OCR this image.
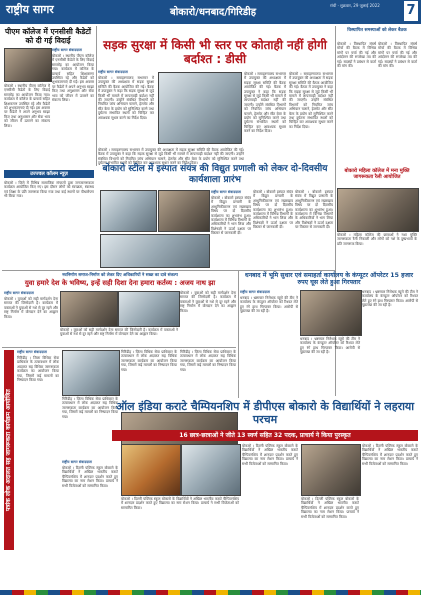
राष्ट्रीय सागर	बोकारो/धनबाद/गिरिडीह
रांची · शुक्रवार, 29 जुलाई 2022	7
पीएम कॉलेज में एनसीसी कैडेटों को दी गई विदाई
राष्ट्रीय सागर संवाददाता
बोकारो । स्थानीय पीएम कॉलेज में एनसीसी कैडेटों के लिए विदाई समारोह का आयोजन किया गया। कार्यक्रम में कॉलेज के प्राचार्य सहित शिक्षकगण उपस्थित रहे और कैडेटों को शुभकामनाएं दी गईं। इस अवसर पर कैडेटों ने अपने अनुभव साझा किए तथा अनुशासन और सेवा भाव को जीवन में उतारने का संकल्प लिया।
बोकारो । स्थानीय पीएम कॉलेज में एनसीसी कैडेटों के लिए विदाई समारोह का आयोजन किया गया। कार्यक्रम में कॉलेज के प्राचार्य सहित शिक्षकगण उपस्थित रहे और कैडेटों को शुभकामनाएं दी गईं। इस अवसर पर कैडेटों ने अपने अनुभव साझा किए तथा अनुशासन और सेवा भाव को जीवन में उतारने का संकल्प लिया।
सड़क सुरक्षा में किसी भी स्तर पर कोताही नहीं होगी बर्दाश्त : डीसी
राष्ट्रीय सागर संवाददाता
बोकारो । समाहरणालय सभागार में उपायुक्त की अध्यक्षता में सड़क सुरक्षा समिति की बैठक आयोजित की गई। बैठक में उपायुक्त ने कहा कि सड़क सुरक्षा से जुड़े किसी भी मामले में लापरवाही बर्दाश्त नहीं की जाएगी। उन्होंने संबंधित विभागों को नियमित जांच अभियान चलाने, हेलमेट और सीट बेल्ट के प्रयोग को सुनिश्चित करने तथा दुर्घटना संभावित स्थलों को चिन्हित कर आवश्यक सुधार करने का निर्देश दिया।
बोकारो । समाहरणालय सभागार में उपायुक्त की अध्यक्षता में सड़क सुरक्षा समिति की बैठक आयोजित की गई। बैठक में उपायुक्त ने कहा कि सड़क सुरक्षा से जुड़े किसी भी मामले में लापरवाही बर्दाश्त नहीं की जाएगी। उन्होंने संबंधित विभागों को नियमित जांच अभियान चलाने, हेलमेट और सीट बेल्ट के प्रयोग को सुनिश्चित करने तथा दुर्घटना संभावित स्थलों को चिन्हित कर आवश्यक सुधार करने का निर्देश दिया।
बोकारो । समाहरणालय सभागार में उपायुक्त की अध्यक्षता में सड़क सुरक्षा समिति की बैठक आयोजित की गई। बैठक में उपायुक्त ने कहा कि सड़क सुरक्षा से जुड़े किसी भी मामले में लापरवाही बर्दाश्त नहीं की जाएगी। उन्होंने संबंधित विभागों को नियमित जांच अभियान चलाने, हेलमेट और सीट बेल्ट के प्रयोग को सुनिश्चित करने तथा दुर्घटना संभावित स्थलों को चिन्हित कर आवश्यक सुधार करने का निर्देश दिया।
बोकारो । समाहरणालय सभागार में उपायुक्त की अध्यक्षता में सड़क सुरक्षा समिति की बैठक आयोजित की गई। बैठक में उपायुक्त ने कहा कि सड़क सुरक्षा से जुड़े किसी भी मामले में लापरवाही बर्दाश्त नहीं की जाएगी। उन्होंने संबंधित विभागों को नियमित जांच अभियान चलाने, हेलमेट और सीट बेल्ट के प्रयोग को सुनिश्चित करने तथा दुर्घटना संभावित स्थलों को चिन्हित कर आवश्यक सुधार करने का निर्देश दिया।
विस्थापित समस्याओं को लेकर बैठक
बोकारो । विस्थापित संघर्ष मोर्चा की बैठक में विभिन्न मांगों पर चर्चा की गई और आंदोलन की रूपरेखा तय की गई। सदस्यों ने प्रबंधन से वार्ता की मांग की।
बोकारो । विस्थापित संघर्ष मोर्चा की बैठक में विभिन्न मांगों पर चर्चा की गई और आंदोलन की रूपरेखा तय की गई। सदस्यों ने प्रबंधन से वार्ता की मांग की।
उज्ज्वल कॉलम न्यूज़
बोकारो । जिले में विभिन्न सामाजिक संगठनों द्वारा जनजागरूकता कार्यक्रम आयोजित किए गए। इस दौरान लोगों को स्वच्छता, स्वास्थ्य एवं शिक्षा के प्रति जागरूक किया गया तथा कई स्थानों पर पौधारोपण भी किया गया।
बोकारो स्टील में इस्पात संयंत्र की विद्युत प्रणाली को लेकर दो-दिवसीय कार्यशाला प्रारंभ
राष्ट्रीय सागर संवाददाता
बोकारो । बोकारो इस्पात संयंत्र में विद्युत प्रणाली के आधुनिकीकरण एवं रखरखाव विषय पर दो दिवसीय कार्यशाला का शुभारंभ हुआ। कार्यशाला में विभिन्न विभागों के अधिकारियों ने भाग लिया और विशेषज्ञों ने ऊर्जा दक्षता पर विस्तार से जानकारी दी।
बोकारो । बोकारो इस्पात संयंत्र में विद्युत प्रणाली के आधुनिकीकरण एवं रखरखाव विषय पर दो दिवसीय कार्यशाला का शुभारंभ हुआ। कार्यशाला में विभिन्न विभागों के अधिकारियों ने भाग लिया और विशेषज्ञों ने ऊर्जा दक्षता पर विस्तार से जानकारी दी।
बोकारो । बोकारो इस्पात संयंत्र में विद्युत प्रणाली के आधुनिकीकरण एवं रखरखाव विषय पर दो दिवसीय कार्यशाला का शुभारंभ हुआ। कार्यशाला में विभिन्न विभागों के अधिकारियों ने भाग लिया और विशेषज्ञों ने ऊर्जा दक्षता पर विस्तार से जानकारी दी।
बोकारो महिला कॉलेज में मना मुक्ति जागरूकता रैली आयोजित
बोकारो । महिला कॉलेज की छात्राओं ने नशा मुक्ति जागरूकता रैली निकाली और लोगों को नशे के दुष्प्रभावों के प्रति जागरूक किया।
नवनिर्माण समाज-निर्माण को लेकर दिए अधिकारियों ने सख्त का दावे संकल्प
युवा हमारे देश के भविष्य, इन्हें सही दिशा देना हमारा कर्तव्य : अजय नाथ झा
राष्ट्रीय सागर संवाददाता
बोकारो । युवाओं को सही मार्गदर्शन देना समाज की जिम्मेदारी है। कार्यक्रम में वक्ताओं ने युवाओं से नशे से दूर रहने और राष्ट्र निर्माण में योगदान देने का आह्वान किया।
बोकारो । युवाओं को सही मार्गदर्शन देना समाज की जिम्मेदारी है। कार्यक्रम में वक्ताओं ने युवाओं से नशे से दूर रहने और राष्ट्र निर्माण में योगदान देने का आह्वान किया।
बोकारो । युवाओं को सही मार्गदर्शन देना समाज की जिम्मेदारी है। कार्यक्रम में वक्ताओं ने युवाओं से नशे से दूर रहने और राष्ट्र निर्माण में योगदान देने का आह्वान किया।
धनबाद में भूमि सुधार एवं समाहर्ता कार्यालय के कंप्यूटर ऑपरेटर 15 हजार रुपए घूस लेते हुआ गिरफ्तार
राष्ट्रीय सागर संवाददाता
धनबाद । भ्रष्टाचार निरोधक ब्यूरो की टीम ने कार्यालय के कंप्यूटर ऑपरेटर को रिश्वत लेते हुए रंगे हाथ गिरफ्तार किया। आरोपी से पूछताछ की जा रही है।
धनबाद । भ्रष्टाचार निरोधक ब्यूरो की टीम ने कार्यालय के कंप्यूटर ऑपरेटर को रिश्वत लेते हुए रंगे हाथ गिरफ्तार किया। आरोपी से पूछताछ की जा रही है।
धनबाद । भ्रष्टाचार निरोधक ब्यूरो की टीम ने कार्यालय के कंप्यूटर ऑपरेटर को रिश्वत लेते हुए रंगे हाथ गिरफ्तार किया। आरोपी से पूछताछ की जा रही है।
पत्रांक लोक अदालत सह जागरूकता कार्यक्रम आयोजित
राष्ट्रीय सागर संवाददाता
गिरिडीह । जिला विधिक सेवा प्राधिकार के तत्वावधान में लोक अदालत सह विधिक जागरूकता कार्यक्रम का आयोजन किया गया, जिसमें कई मामलों का निष्पादन किया गया।
गिरिडीह । जिला विधिक सेवा प्राधिकार के तत्वावधान में लोक अदालत सह विधिक जागरूकता कार्यक्रम का आयोजन किया गया, जिसमें कई मामलों का निष्पादन किया गया।
गिरिडीह । जिला विधिक सेवा प्राधिकार के तत्वावधान में लोक अदालत सह विधिक जागरूकता कार्यक्रम का आयोजन किया गया, जिसमें कई मामलों का निष्पादन किया गया।
गिरिडीह । जिला विधिक सेवा प्राधिकार के तत्वावधान में लोक अदालत सह विधिक जागरूकता कार्यक्रम का आयोजन किया गया, जिसमें कई मामलों का निष्पादन किया गया।
ऑल इंडिया कराटे चैम्पियनशिप में डीपीएस बोकारो के विद्यार्थियों ने लहराया परचम
16 छात्र-छात्राओं ने जीते 13 स्वर्ण सहित 32 पदक, प्राचार्य ने किया पुरस्कृत
राष्ट्रीय सागर संवाददाता
बोकारो । दिल्ली पब्लिक स्कूल बोकारो के विद्यार्थियों ने अखिल भारतीय कराटे चैम्पियनशिप में शानदार प्रदर्शन करते हुए विद्यालय का नाम रोशन किया। प्राचार्य ने सभी विजेताओं को सम्मानित किया।
बोकारो । दिल्ली पब्लिक स्कूल बोकारो के विद्यार्थियों ने अखिल भारतीय कराटे चैम्पियनशिप में शानदार प्रदर्शन करते हुए विद्यालय का नाम रोशन किया। प्राचार्य ने सभी विजेताओं को सम्मानित किया।
बोकारो । दिल्ली पब्लिक स्कूल बोकारो के विद्यार्थियों ने अखिल भारतीय कराटे चैम्पियनशिप में शानदार प्रदर्शन करते हुए विद्यालय का नाम रोशन किया। प्राचार्य ने सभी विजेताओं को सम्मानित किया।
बोकारो । दिल्ली पब्लिक स्कूल बोकारो के विद्यार्थियों ने अखिल भारतीय कराटे चैम्पियनशिप में शानदार प्रदर्शन करते हुए विद्यालय का नाम रोशन किया। प्राचार्य ने सभी विजेताओं को सम्मानित किया।
बोकारो । दिल्ली पब्लिक स्कूल बोकारो के विद्यार्थियों ने अखिल भारतीय कराटे चैम्पियनशिप में शानदार प्रदर्शन करते हुए विद्यालय का नाम रोशन किया। प्राचार्य ने सभी विजेताओं को सम्मानित किया।
